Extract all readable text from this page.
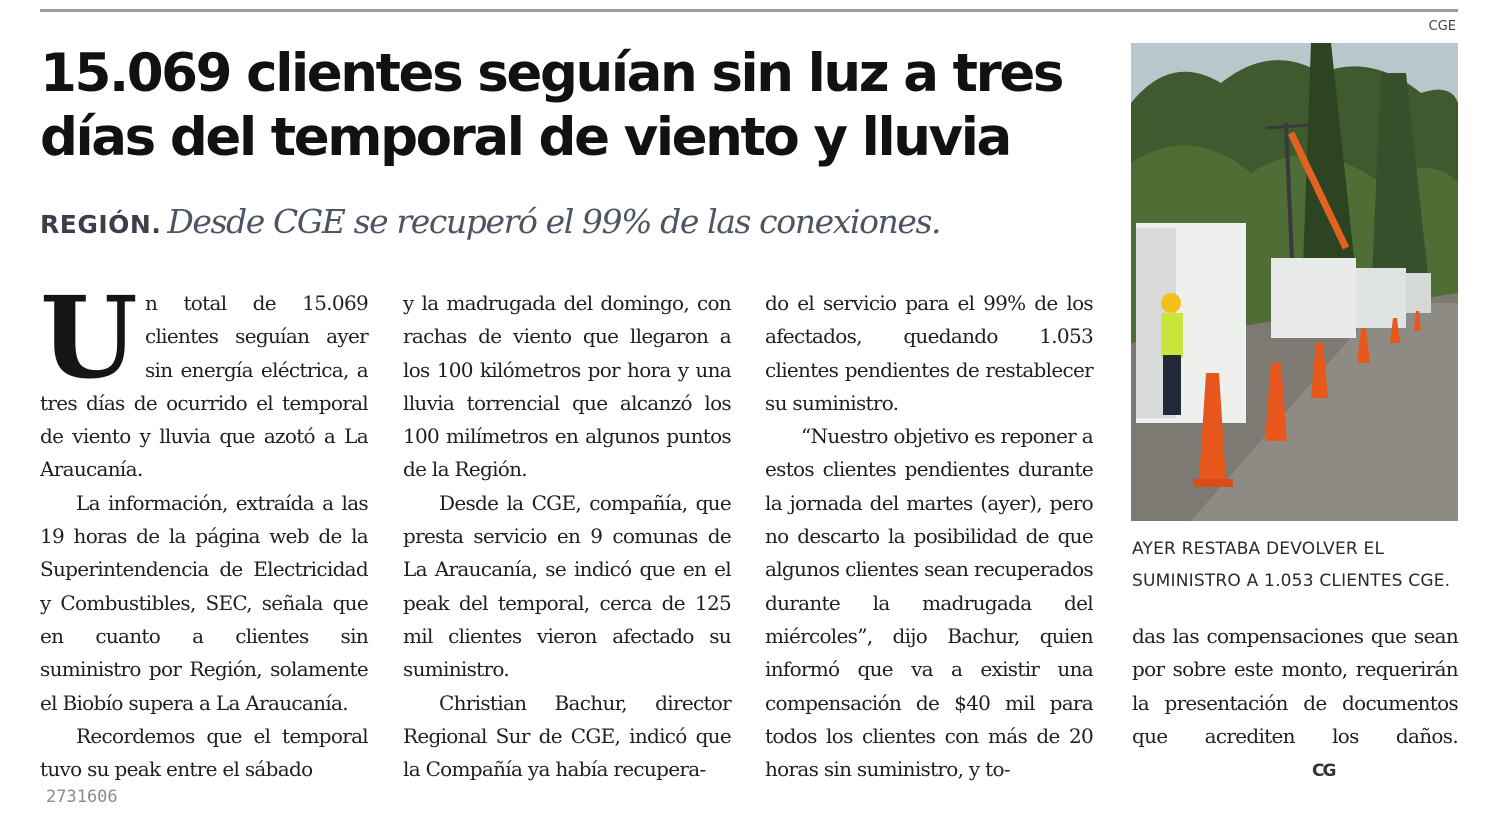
CGE
15.069 clientes seguían sin luz a tres días del temporal de viento y lluvia
REGIÓN. Desde CGE se recuperó el 99% de las conexiones.

Un total de 15.069 clientes seguían ayer sin energía eléctrica, a tres días de ocurrido el temporal de viento y lluvia que azotó a La Araucanía.

La información, extraída a las 19 horas de la página web de la Superintendencia de Electricidad y Combustibles, SEC, señala que en cuanto a clientes sin suministro por Región, solamente el Biobío supera a La Araucanía.

Recordemos que el temporal tuvo su peak entre el sábado

y la madrugada del domingo, con rachas de viento que llegaron a los 100 kilómetros por hora y una lluvia torrencial que alcanzó los 100 milímetros en algunos puntos de la Región.

Desde la CGE, compañía, que presta servicio en 9 comunas de La Araucanía, se indicó que en el peak del temporal, cerca de 125 mil clientes vieron afectado su suministro.

Christian Bachur, director Regional Sur de CGE, indicó que la Compañía ya había recupera-

do el servicio para el 99% de los afectados, quedando 1.053 clientes pendientes de restablecer su suministro.

“Nuestro objetivo es reponer a estos clientes pendientes durante la jornada del martes (ayer), pero no descarto la posibilidad de que algunos clientes sean recuperados durante la madrugada del miércoles”, dijo Bachur, quien informó que va a existir una compensación de $40 mil para todos los clientes con más de 20 horas sin suministro, y to-

AYER RESTABA DEVOLVER EL SUMINISTRO A 1.053 CLIENTES CGE.

das las compensaciones que sean por sobre este monto, requerirán la presentación de documentos que acrediten los daños.CG

2731606
